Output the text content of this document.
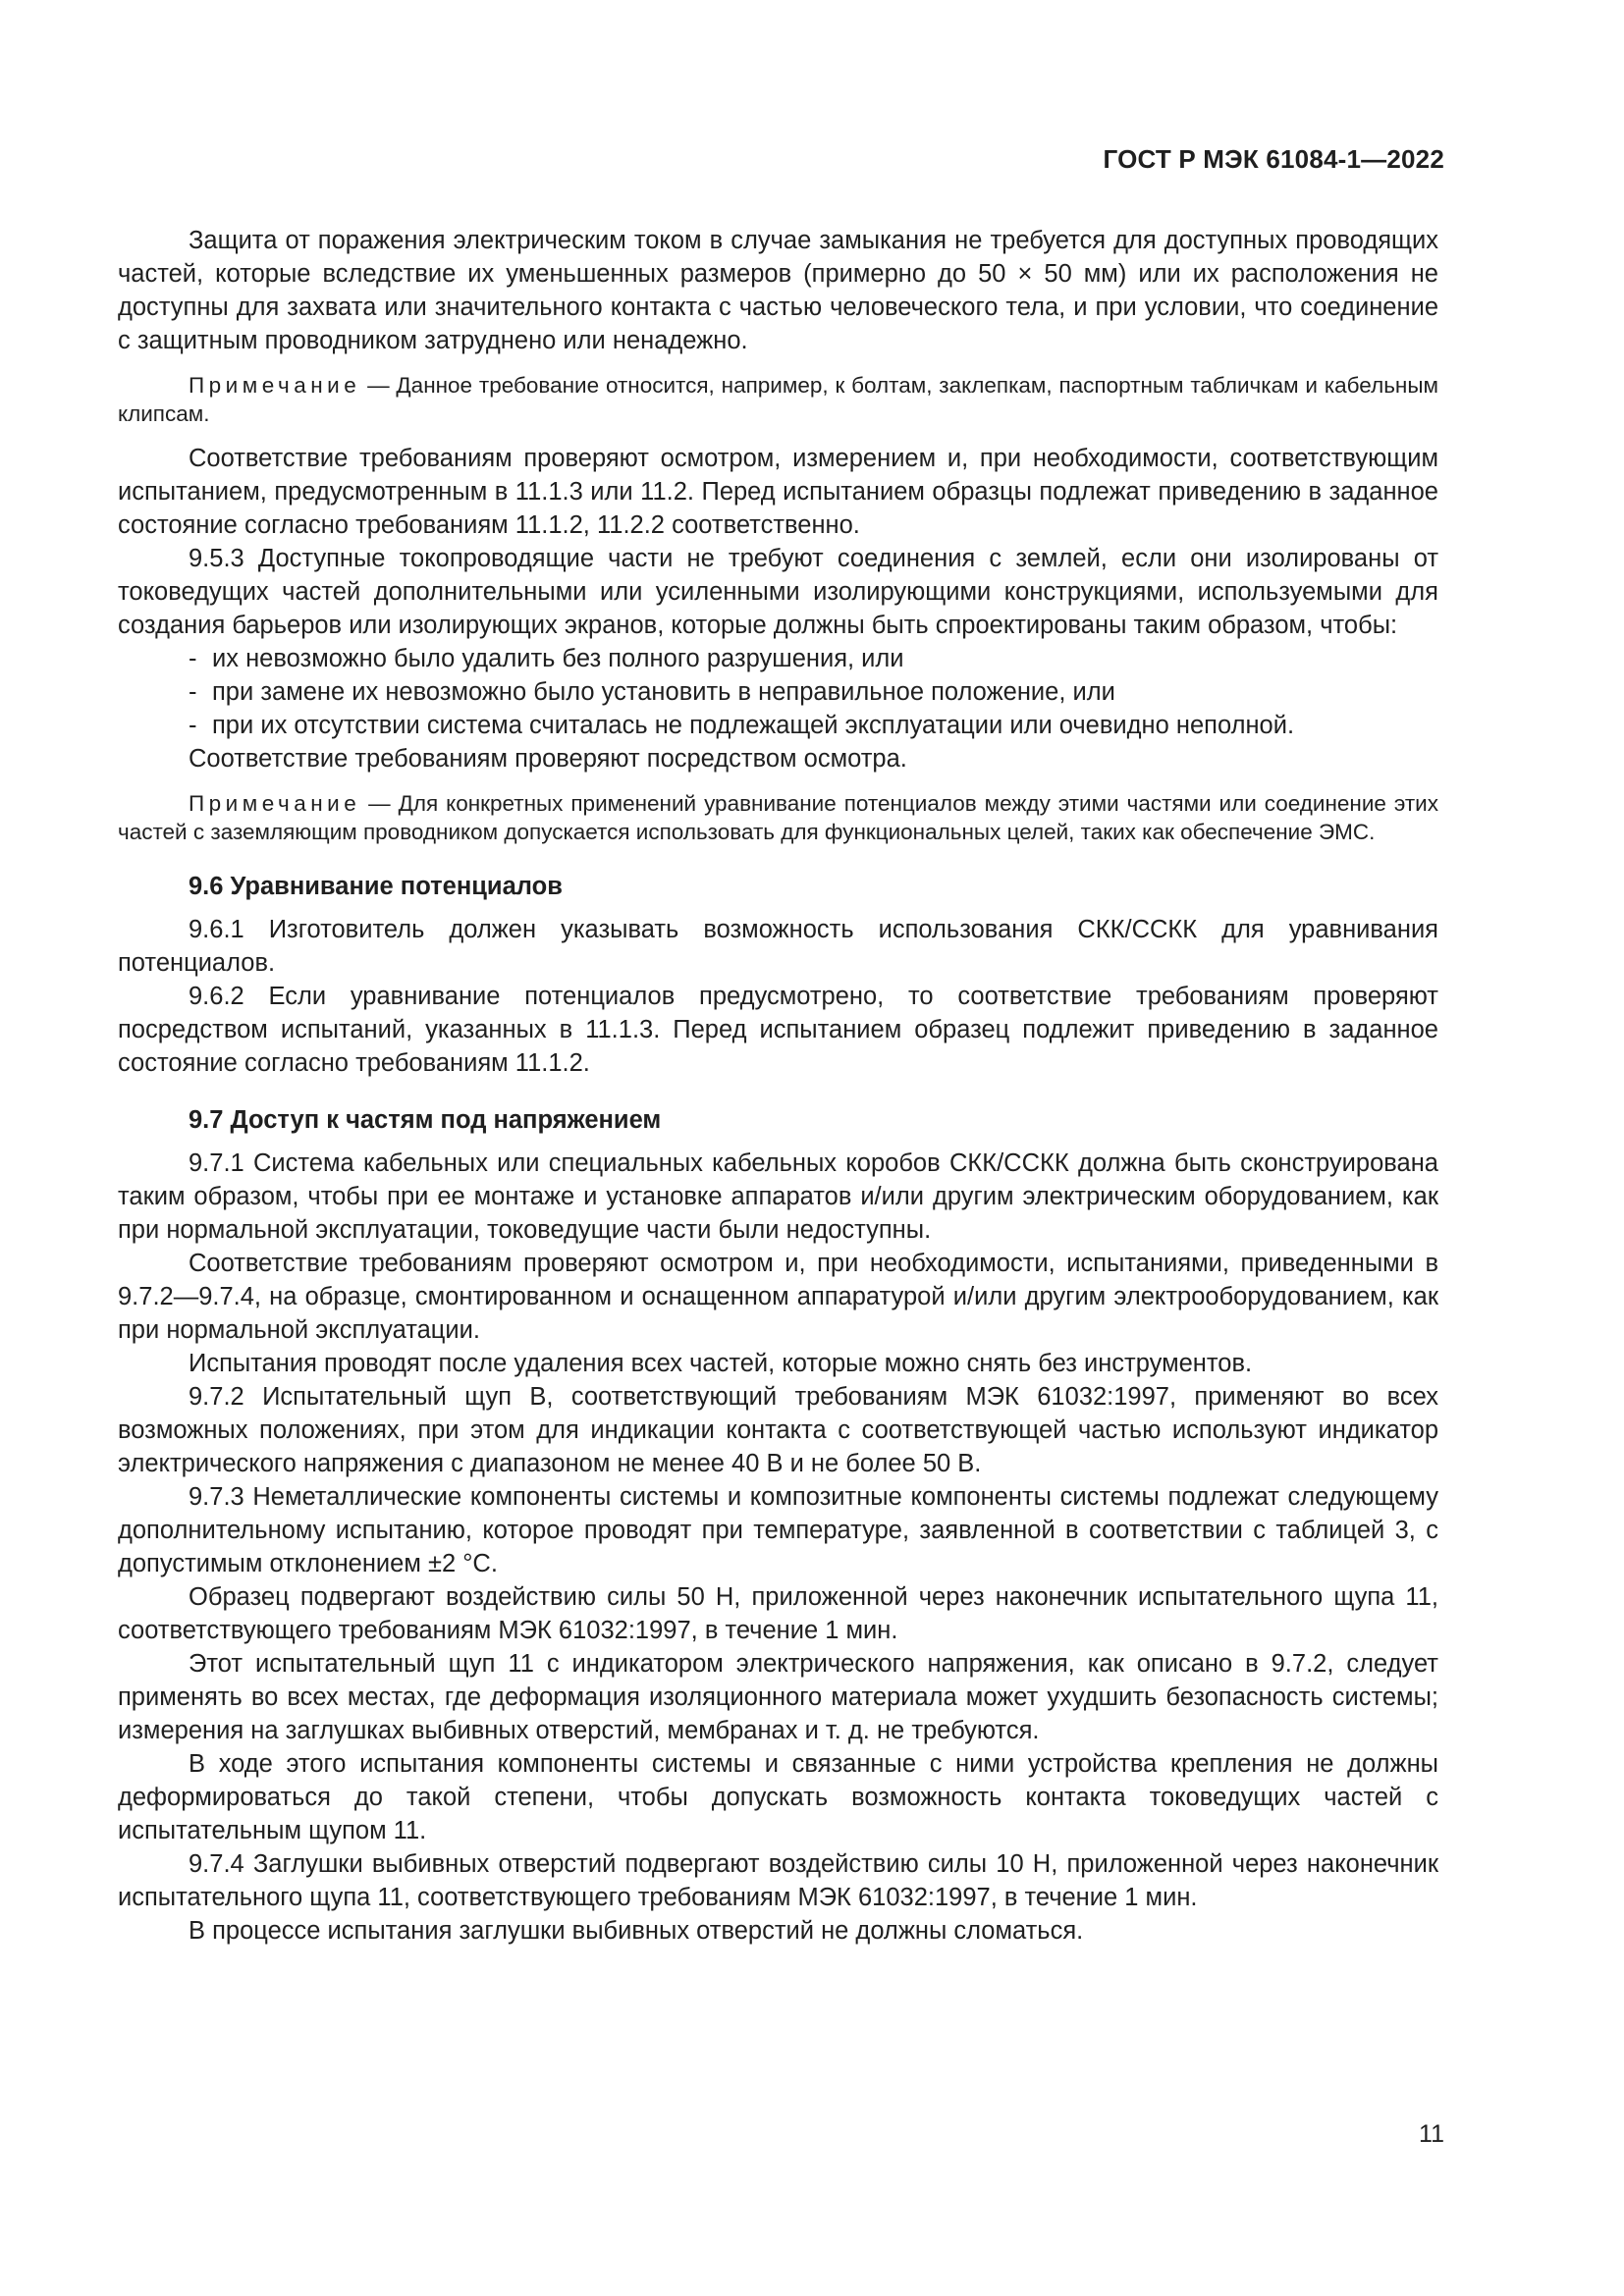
ГОСТ Р МЭК 61084-1—2022

Защита от поражения электрическим током в случае замыкания не требуется для доступных проводящих частей, которые вследствие их уменьшенных размеров (примерно до 50 × 50 мм) или их расположения не доступны для захвата или значительного контакта с частью человеческого тела, и при условии, что соединение с защитным проводником затруднено или ненадежно.

Примечание — Данное требование относится, например, к болтам, заклепкам, паспортным табличкам и кабельным клипсам.

Соответствие требованиям проверяют осмотром, измерением и, при необходимости, соответствующим испытанием, предусмотренным в 11.1.3 или 11.2. Перед испытанием образцы подлежат приведению в заданное состояние согласно требованиям 11.1.2, 11.2.2 соответственно.

9.5.3 Доступные токопроводящие части не требуют соединения с землей, если они изолированы от токоведущих частей дополнительными или усиленными изолирующими конструкциями, используемыми для создания барьеров или изолирующих экранов, которые должны быть спроектированы таким образом, чтобы:

- их невозможно было удалить без полного разрушения, или
- при замене их невозможно было установить в неправильное положение, или
- при их отсутствии система считалась не подлежащей эксплуатации или очевидно неполной.

Соответствие требованиям проверяют посредством осмотра.

Примечание — Для конкретных применений уравнивание потенциалов между этими частями или соединение этих частей с заземляющим проводником допускается использовать для функциональных целей, таких как обеспечение ЭМС.

9.6 Уравнивание потенциалов

9.6.1 Изготовитель должен указывать возможность использования СКК/ССКК для уравнивания потенциалов.

9.6.2 Если уравнивание потенциалов предусмотрено, то соответствие требованиям проверяют посредством испытаний, указанных в 11.1.3. Перед испытанием образец подлежит приведению в заданное состояние согласно требованиям 11.1.2.

9.7 Доступ к частям под напряжением

9.7.1 Система кабельных или специальных кабельных коробов СКК/ССКК должна быть сконструирована таким образом, чтобы при ее монтаже и установке аппаратов и/или другим электрическим оборудованием, как при нормальной эксплуатации, токоведущие части были недоступны.

Соответствие требованиям проверяют осмотром и, при необходимости, испытаниями, приведенными в 9.7.2—9.7.4, на образце, смонтированном и оснащенном аппаратурой и/или другим электрооборудованием, как при нормальной эксплуатации.

Испытания проводят после удаления всех частей, которые можно снять без инструментов.

9.7.2 Испытательный щуп В, соответствующий требованиям МЭК 61032:1997, применяют во всех возможных положениях, при этом для индикации контакта с соответствующей частью используют индикатор электрического напряжения с диапазоном не менее 40 В и не более 50 В.

9.7.3 Неметаллические компоненты системы и композитные компоненты системы подлежат следующему дополнительному испытанию, которое проводят при температуре, заявленной в соответствии с таблицей 3, с допустимым отклонением ±2 °С.

Образец подвергают воздействию силы 50 Н, приложенной через наконечник испытательного щупа 11, соответствующего требованиям МЭК 61032:1997, в течение 1 мин.

Этот испытательный щуп 11 с индикатором электрического напряжения, как описано в 9.7.2, следует применять во всех местах, где деформация изоляционного материала может ухудшить безопасность системы; измерения на заглушках выбивных отверстий, мембранах и т. д. не требуются.

В ходе этого испытания компоненты системы и связанные с ними устройства крепления не должны деформироваться до такой степени, чтобы допускать возможность контакта токоведущих частей с испытательным щупом 11.

9.7.4 Заглушки выбивных отверстий подвергают воздействию силы 10 Н, приложенной через наконечник испытательного щупа 11, соответствующего требованиям МЭК 61032:1997, в течение 1 мин.

В процессе испытания заглушки выбивных отверстий не должны сломаться.

11
